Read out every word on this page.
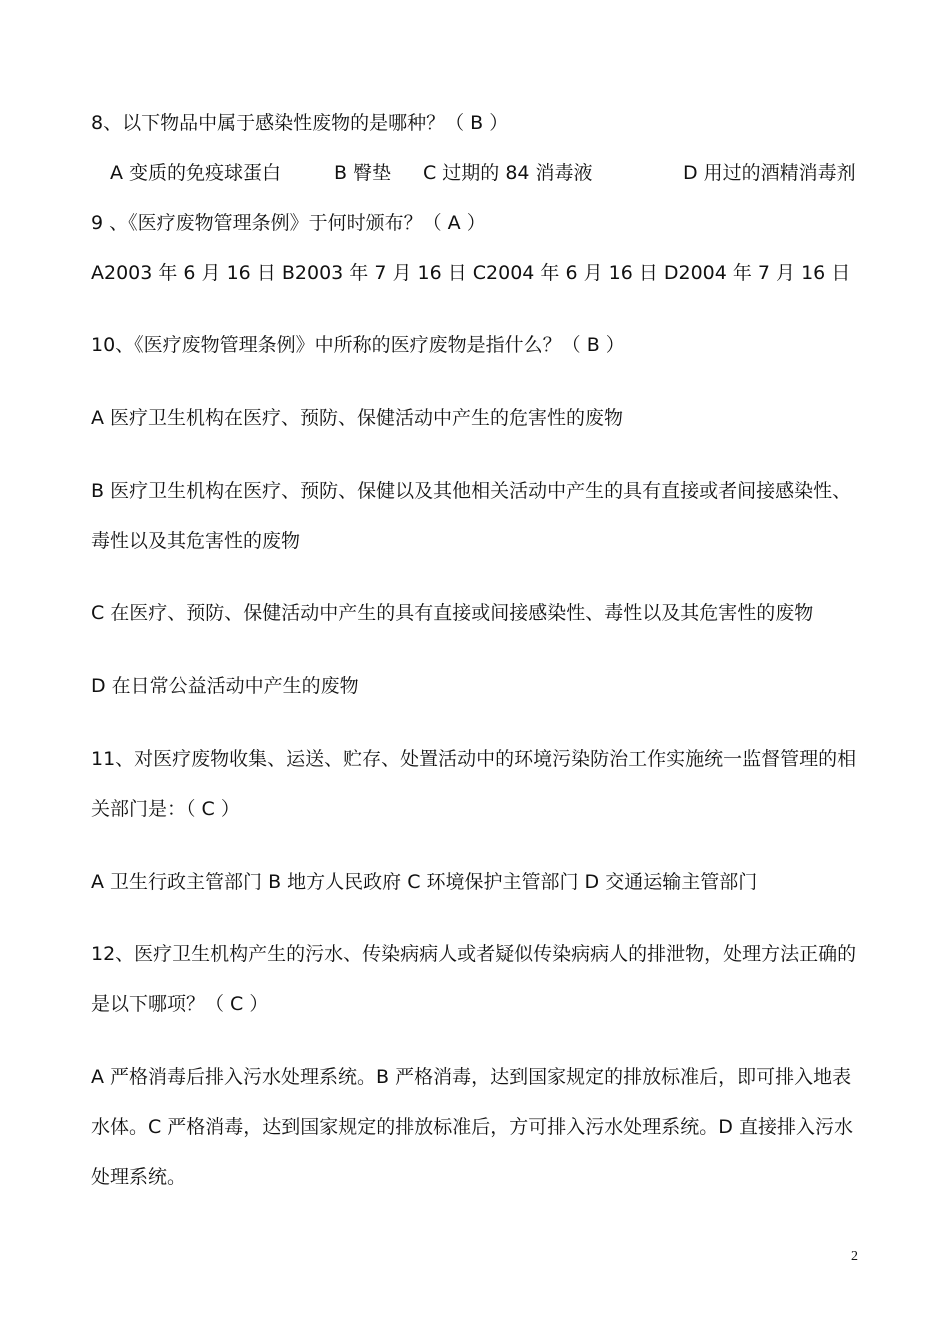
8、以下物品中属于感染性废物的是哪种？（ B ）
A 变质的免疫球蛋白	B 臀垫 C 过期的 84 消毒液	D 用过的酒精消毒剂
9 、《医疗废物管理条例》于何时颁布？（ A ）
A2003 年 6 月 16 日 B2003 年 7 月 16 日 C2004 年 6 月 16 日 D2004 年 7 月 16 日
10、《医疗废物管理条例》中所称的医疗废物是指什么？（ B ）
A 医疗卫生机构在医疗、预防、保健活动中产生的危害性的废物
B 医疗卫生机构在医疗、预防、保健以及其他相关活动中产生的具有直接或者间接感染性、
毒性以及其危害性的废物
C 在医疗、预防、保健活动中产生的具有直接或间接感染性、毒性以及其危害性的废物
D 在日常公益活动中产生的废物
11、对医疗废物收集、运送、贮存、处置活动中的环境污染防治工作实施统一监督管理的相
关部门是：（ C ）
A 卫生行政主管部门 B 地方人民政府 C 环境保护主管部门 D 交通运输主管部门
12、医疗卫生机构产生的污水、传染病病人或者疑似传染病病人的排泄物，处理方法正确的
是以下哪项？（ C ）
A 严格消毒后排入污水处理系统。B 严格消毒，达到国家规定的排放标准后，即可排入地表
水体。C 严格消毒，达到国家规定的排放标准后，方可排入污水处理系统。D 直接排入污水
处理系统。
2
